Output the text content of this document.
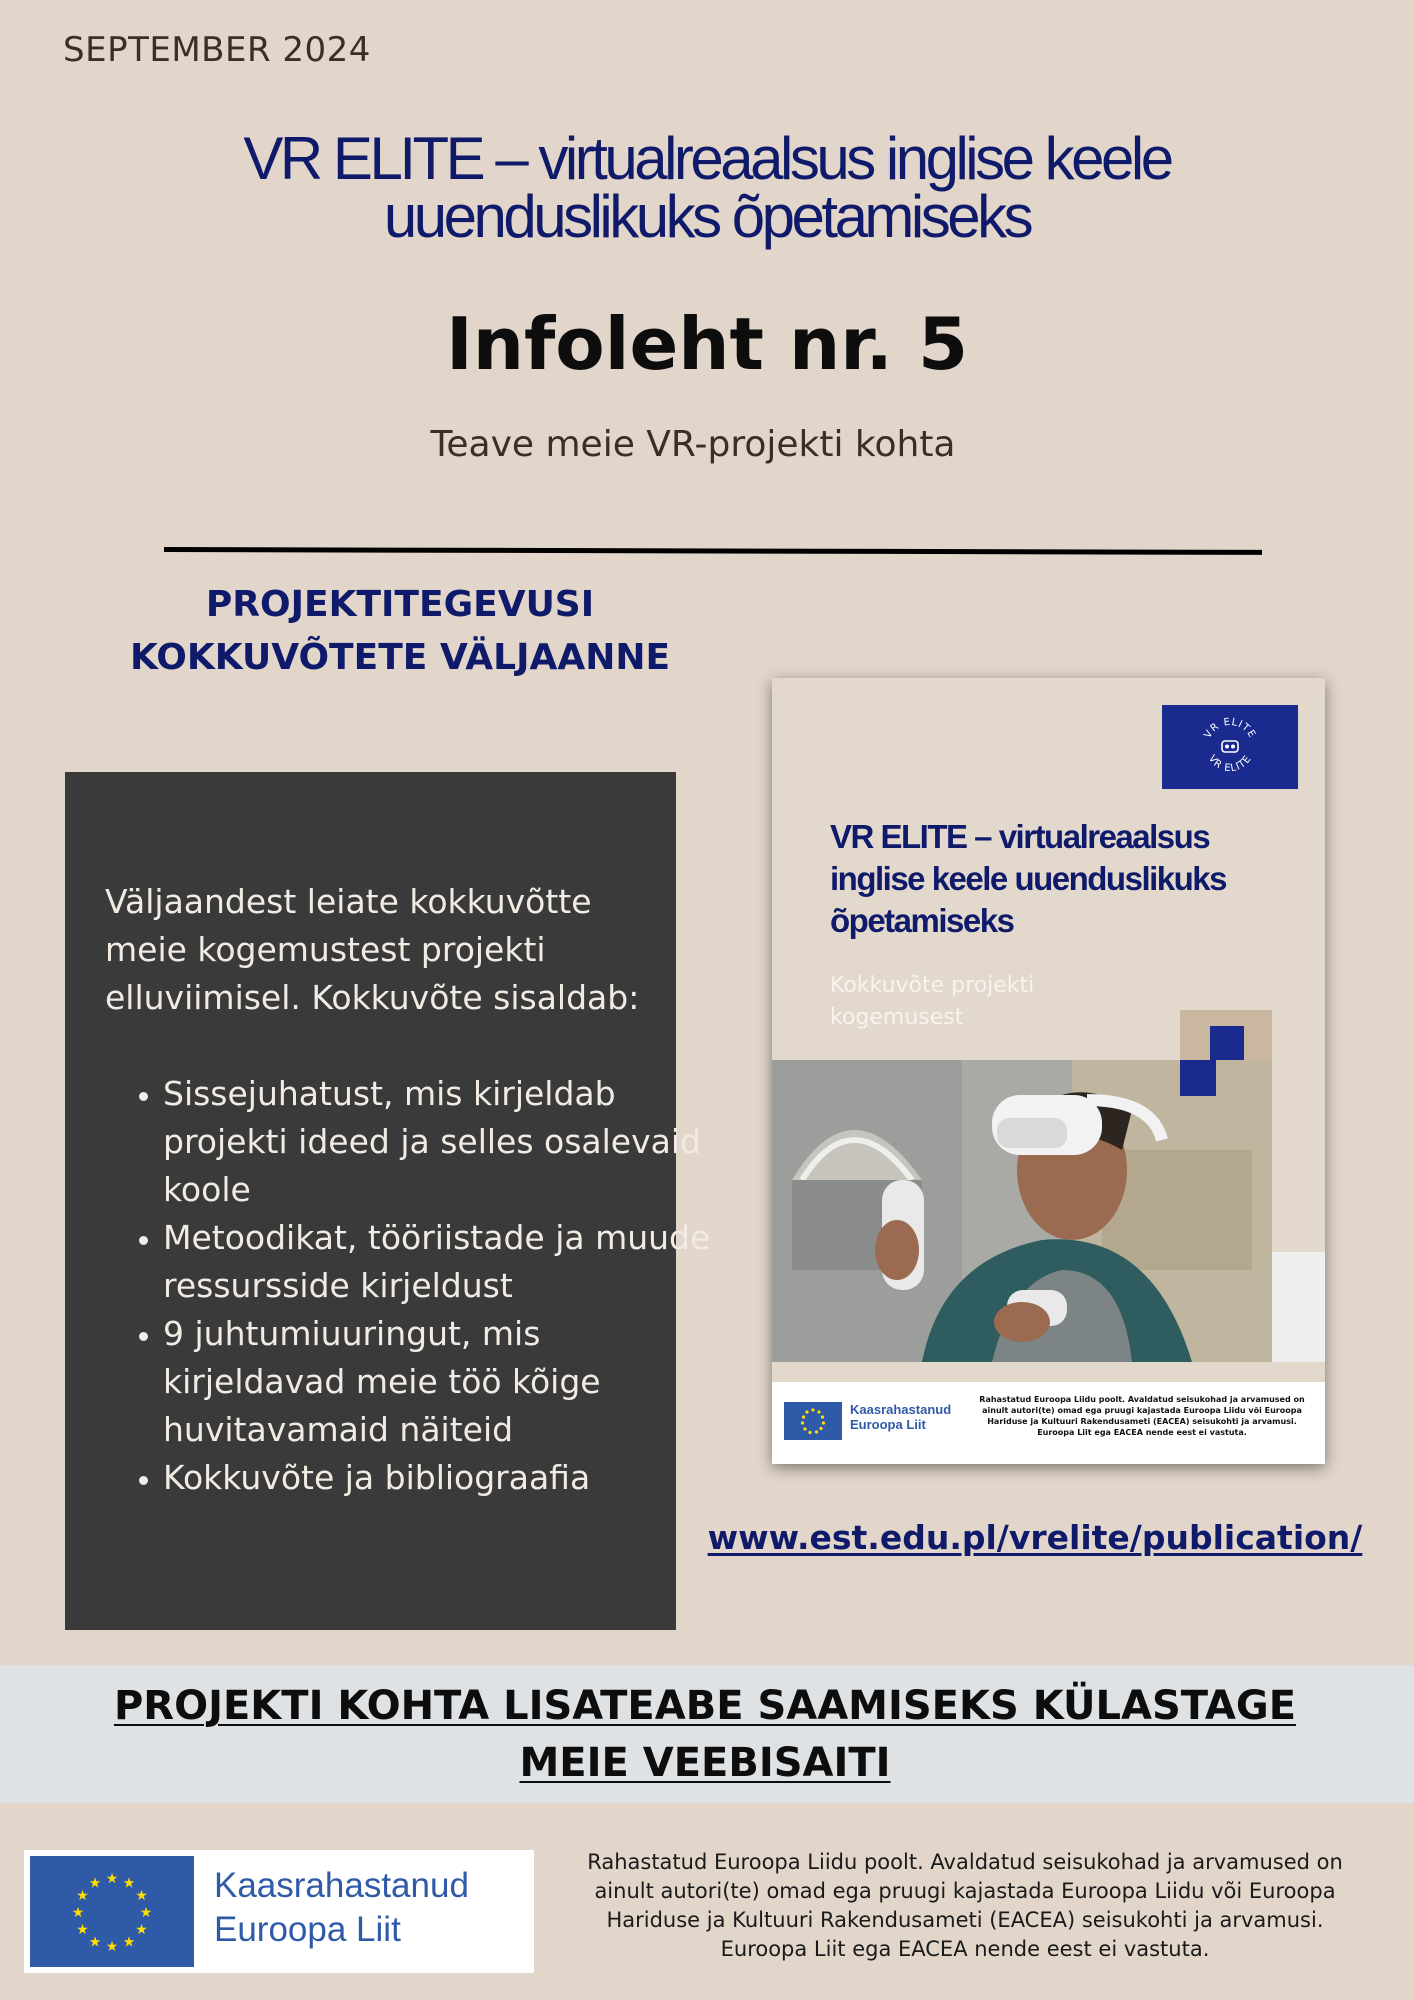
SEPTEMBER 2024
VR ELITE – virtualreaalsus inglise keele
uuenduslikuks õpetamiseks
Infoleht nr. 5
Teave meie VR-projekti kohta
PROJEKTITEGEVUSI
KOKKUVÕTETE VÄLJAANNE
Väljaandest leiate kokkuvõtte meie kogemustest projekti elluviimisel. Kokkuvõte sisaldab:
• Sissejuhatust, mis kirjeldab projekti ideed ja selles osalevaid koole
• Metoodikat, tööriistade ja muude ressursside kirjeldust
• 9 juhtumiuuringut, mis kirjeldavad meie töö kõige huvitavamaid näiteid
• Kokkuvõte ja bibliograafia
VR ELITE
VR ELITE
VR ELITE – virtualreaalsus inglise keele uuenduslikuks õpetamiseks
Kokkuvõte projekti
kogemusest
Kaasrahastanud
Euroopa Liit
Rahastatud Euroopa Liidu poolt. Avaldatud seisukohad ja arvamused on ainult autori(te) omad ega pruugi kajastada Euroopa Liidu või Euroopa Hariduse ja Kultuuri Rakendusameti (EACEA) seisukohti ja arvamusi. Euroopa Liit ega EACEA nende eest ei vastuta.
www.est.edu.pl/vrelite/publication/
PROJEKTI KOHTA LISATEABE SAAMISEKS KÜLASTAGE
MEIE VEEBISAITI
★ ★
★
★
★
★
★
★
★
★
★
★	Kaasrahastanud
Euroopa Liit
Rahastatud Euroopa Liidu poolt. Avaldatud seisukohad ja arvamused on ainult autori(te) omad ega pruugi kajastada Euroopa Liidu või Euroopa Hariduse ja Kultuuri Rakendusameti (EACEA) seisukohti ja arvamusi. Euroopa Liit ega EACEA nende eest ei vastuta.
